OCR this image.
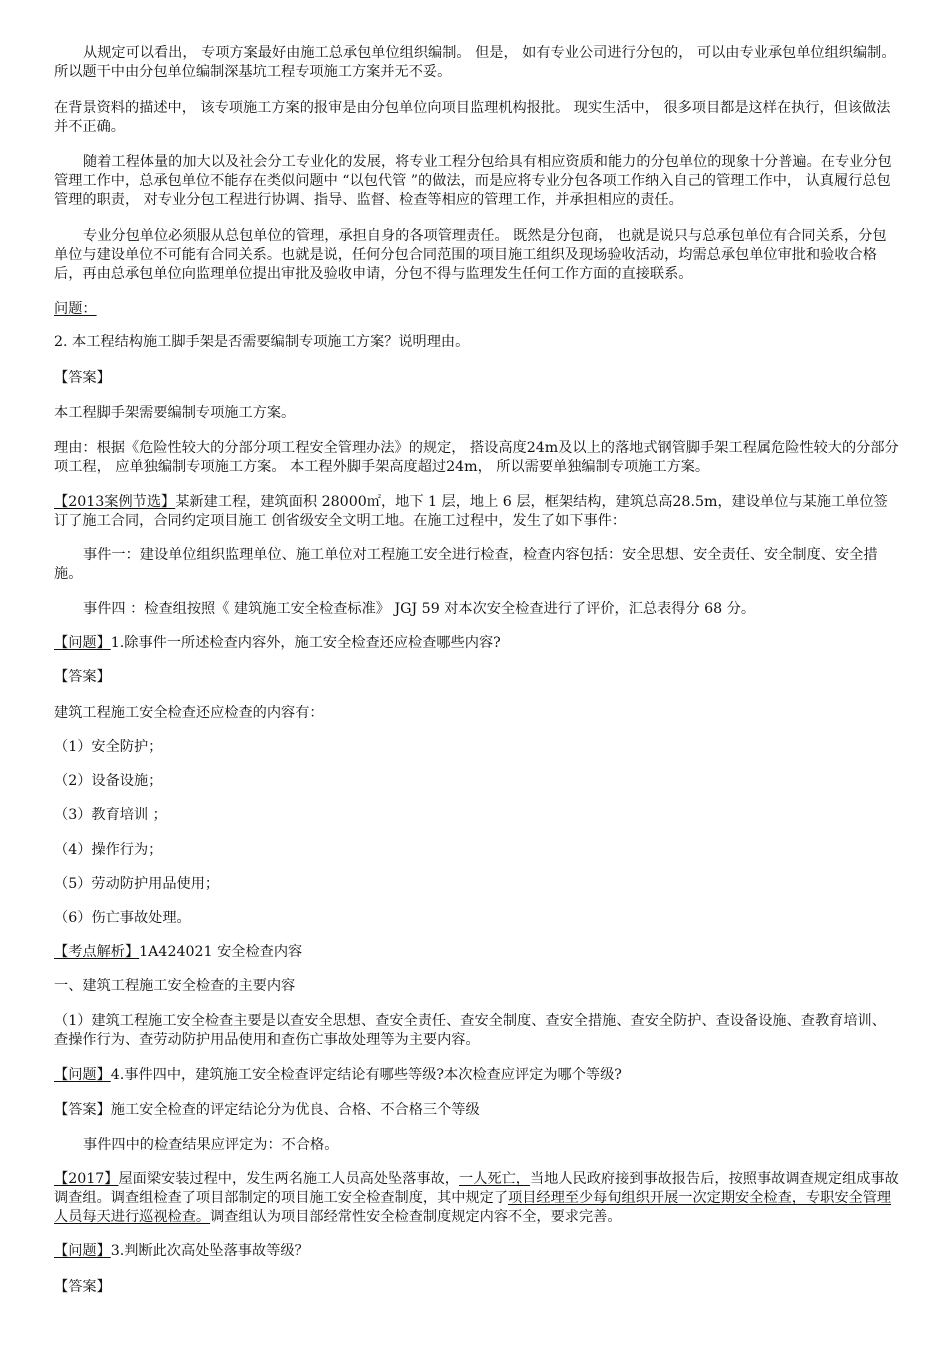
从规定可以看出， 专项方案最好由施工总承包单位组织编制。 但是， 如有专业公司进行分包的， 可以由专业承包单位组织编制。 所以题干中由分包单位编制深基坑工程专项施工方案并无不妥。

在背景资料的描述中， 该专项施工方案的报审是由分包单位向项目监理机构报批。 现实生活中， 很多项目都是这样在执行，但该做法并不正确。

随着工程体量的加大以及社会分工专业化的发展，将专业工程分包给具有相应资质和能力的分包单位的现象十分普遍。在专业分包管理工作中，总承包单位不能存在类似问题中 “以包代管 ”的做法，而是应将专业分包各项工作纳入自己的管理工作中， 认真履行总包管理的职责， 对专业分包工程进行协调、指导、监督、检查等相应的管理工作，并承担相应的责任。

专业分包单位必须服从总包单位的管理，承担自身的各项管理责任。 既然是分包商， 也就是说只与总承包单位有合同关系，分包单位与建设单位不可能有合同关系。也就是说，任何分包合同范围的项目施工组织及现场验收活动，均需总承包单位审批和验收合格后，再由总承包单位向监理单位提出审批及验收申请，分包不得与监理发生任何工作方面的直接联系。

问题：

2. 本工程结构施工脚手架是否需要编制专项施工方案？说明理由。

【答案】

本工程脚手架需要编制专项施工方案。

理由：根据《危险性较大的分部分项工程安全管理办法》的规定， 搭设高度24m及以上的落地式钢管脚手架工程属危险性较大的分部分项工程， 应单独编制专项施工方案。 本工程外脚手架高度超过24m， 所以需要单独编制专项施工方案。

【2013案例节选】某新建工程，建筑面积 28000㎡，地下 1 层，地上 6 层，框架结构，建筑总高28.5m，建设单位与某施工单位签订了施工合同，合同约定项目施工 创省级安全文明工地。在施工过程中，发生了如下事件：

事件一：建设单位组织监理单位、施工单位对工程施工安全进行检查，检查内容包括：安全思想、安全责任、安全制度、安全措施。

事件四 ：检查组按照《 建筑施工安全检查标准》 JGJ 59 对本次安全检查进行了评价，汇总表得分 68 分。

【问题】1.除事件一所述检查内容外，施工安全检查还应检查哪些内容?

【答案】

建筑工程施工安全检查还应检查的内容有：

（1）安全防护；

（2）设备设施；

（3）教育培训 ；

（4）操作行为；

（5）劳动防护用品使用；

（6）伤亡事故处理。

【考点解析】1A424021 安全检查内容

一、建筑工程施工安全检查的主要内容

（1）建筑工程施工安全检查主要是以查安全思想、查安全责任、查安全制度、查安全措施、查安全防护、查设备设施、查教育培训、查操作行为、查劳动防护用品使用和查伤亡事故处理等为主要内容。

【问题】4.事件四中，建筑施工安全检查评定结论有哪些等级?本次检查应评定为哪个等级?

【答案】施工安全检查的评定结论分为优良、合格、不合格三个等级

事件四中的检查结果应评定为：不合格。

【2017】屋面梁安装过程中，发生两名施工人员高处坠落事故，一人死亡，当地人民政府接到事故报告后，按照事故调查规定组成事故调查组。调查组检查了项目部制定的项目施工安全检查制度，其中规定了项目经理至少每旬组织开展一次定期安全检查，专职安全管理人员每天进行巡视检查。调查组认为项目部经常性安全检查制度规定内容不全，要求完善。

【问题】3.判断此次高处坠落事故等级？

【答案】
